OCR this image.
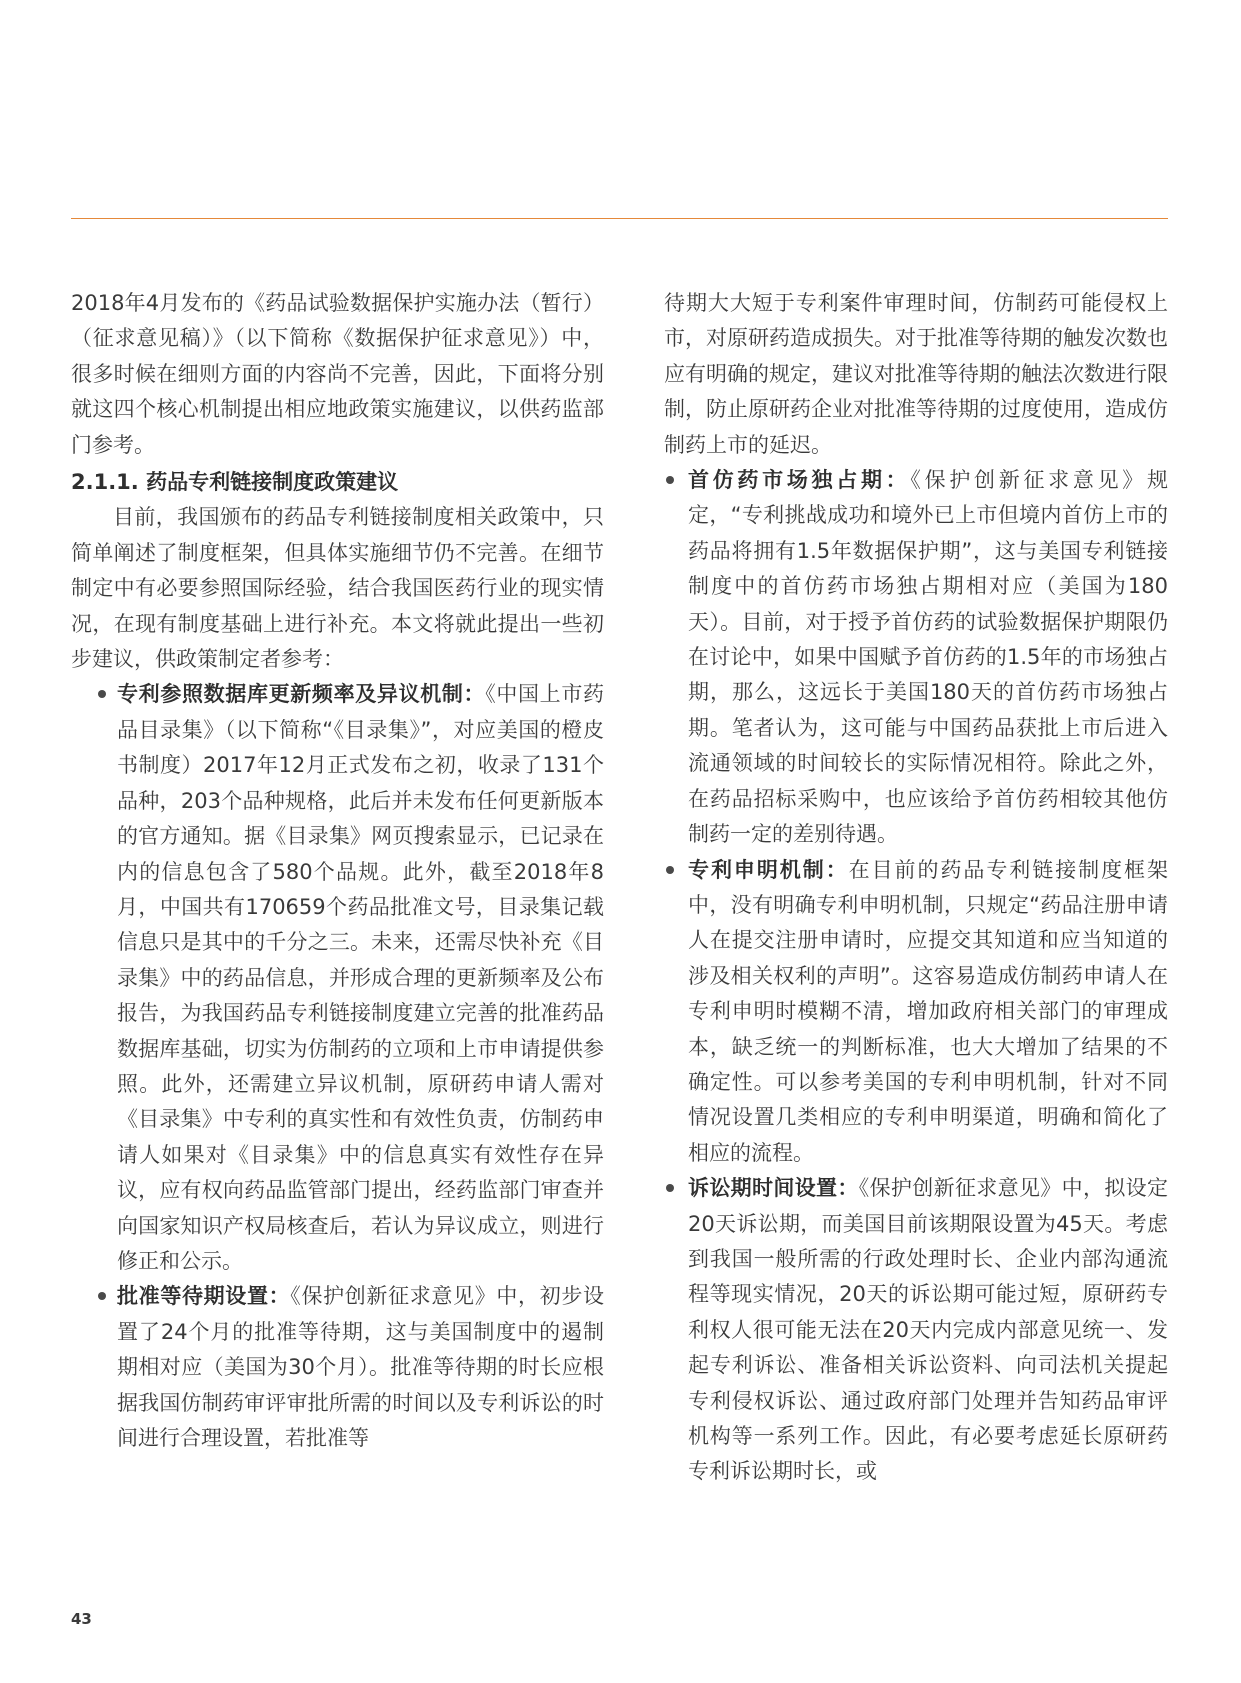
2018年4月发布的《药品试验数据保护实施办法（暂行）（征求意见稿）》（以下简称《数据保护征求意见》）中，很多时候在细则方面的内容尚不完善，因此，下面将分别就这四个核心机制提出相应地政策实施建议，以供药监部门参考。

2.1.1. 药品专利链接制度政策建议

目前，我国颁布的药品专利链接制度相关政策中，只简单阐述了制度框架，但具体实施细节仍不完善。在细节制定中有必要参照国际经验，结合我国医药行业的现实情况，在现有制度基础上进行补充。本文将就此提出一些初步建议，供政策制定者参考：

专利参照数据库更新频率及异议机制：《中国上市药品目录集》（以下简称“《目录集》”，对应美国的橙皮书制度）2017年12月正式发布之初，收录了131个品种，203个品种规格，此后并未发布任何更新版本的官方通知。据《目录集》网页搜索显示，已记录在内的信息包含了580个品规。此外，截至2018年8月，中国共有170659个药品批准文号，目录集记载信息只是其中的千分之三。未来，还需尽快补充《目录集》中的药品信息，并形成合理的更新频率及公布报告，为我国药品专利链接制度建立完善的批准药品数据库基础，切实为仿制药的立项和上市申请提供参照。此外，还需建立异议机制，原研药申请人需对《目录集》中专利的真实性和有效性负责，仿制药申请人如果对《目录集》中的信息真实有效性存在异议，应有权向药品监管部门提出，经药监部门审查并向国家知识产权局核查后，若认为异议成立，则进行修正和公示。
批准等待期设置：《保护创新征求意见》中，初步设置了24个月的批准等待期，这与美国制度中的遏制期相对应（美国为30个月）。批准等待期的时长应根据我国仿制药审评审批所需的时间以及专利诉讼的时间进行合理设置，若批准等

待期大大短于专利案件审理时间，仿制药可能侵权上市，对原研药造成损失。对于批准等待期的触发次数也应有明确的规定，建议对批准等待期的触法次数进行限制，防止原研药企业对批准等待期的过度使用，造成仿制药上市的延迟。

首仿药市场独占期：《保护创新征求意见》规定，“专利挑战成功和境外已上市但境内首仿上市的药品将拥有1.5年数据保护期”，这与美国专利链接制度中的首仿药市场独占期相对应（美国为180天）。目前，对于授予首仿药的试验数据保护期限仍在讨论中，如果中国赋予首仿药的1.5年的市场独占期，那么，这远长于美国180天的首仿药市场独占期。笔者认为，这可能与中国药品获批上市后进入流通领域的时间较长的实际情况相符。除此之外，在药品招标采购中，也应该给予首仿药相较其他仿制药一定的差别待遇。
专利申明机制：在目前的药品专利链接制度框架中，没有明确专利申明机制，只规定“药品注册申请人在提交注册申请时，应提交其知道和应当知道的涉及相关权利的声明”。这容易造成仿制药申请人在专利申明时模糊不清，增加政府相关部门的审理成本，缺乏统一的判断标准，也大大增加了结果的不确定性。可以参考美国的专利申明机制，针对不同情况设置几类相应的专利申明渠道，明确和简化了相应的流程。
诉讼期时间设置：《保护创新征求意见》中，拟设定20天诉讼期，而美国目前该期限设置为45天。考虑到我国一般所需的行政处理时长、企业内部沟通流程等现实情况，20天的诉讼期可能过短，原研药专利权人很可能无法在20天内完成内部意见统一、发起专利诉讼、准备相关诉讼资料、向司法机关提起专利侵权诉讼、通过政府部门处理并告知药品审评机构等一系列工作。因此，有必要考虑延长原研药专利诉讼期时长，或
43
